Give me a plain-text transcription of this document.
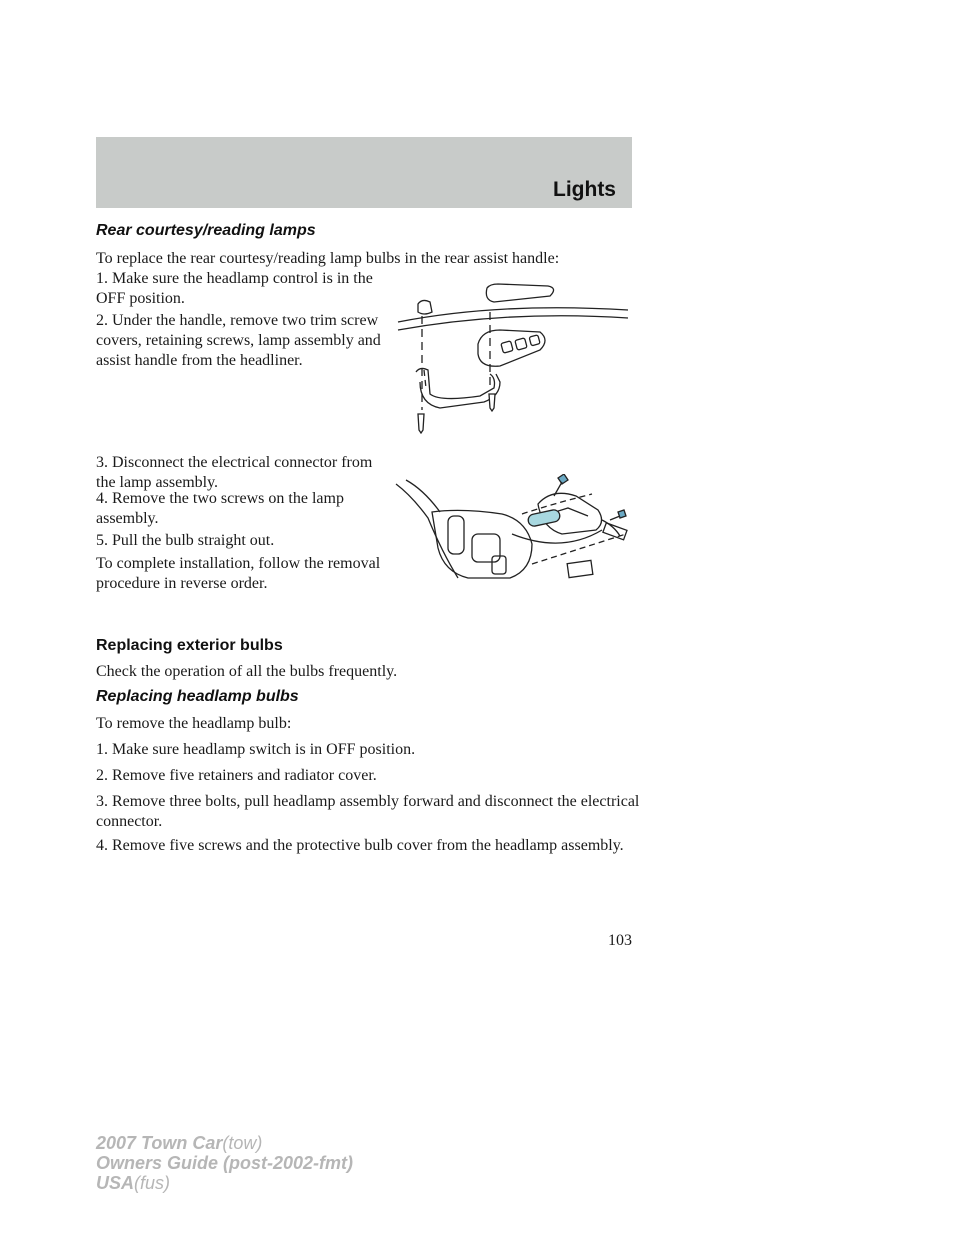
Lights
Rear courtesy/reading lamps

To replace the rear courtesy/reading lamp bulbs in the rear assist handle:

1. Make sure the headlamp control is in the OFF position.

2. Under the handle, remove two trim screw covers, retaining screws, lamp assembly and assist handle from the headliner.

3. Disconnect the electrical connector from the lamp assembly.

4. Remove the two screws on the lamp assembly.

5. Pull the bulb straight out.

To complete installation, follow the removal procedure in reverse order.

Replacing exterior bulbs

Check the operation of all the bulbs frequently.

Replacing headlamp bulbs

To remove the headlamp bulb:

1. Make sure headlamp switch is in OFF position.

2. Remove five retainers and radiator cover.

3. Remove three bolts, pull headlamp assembly forward and disconnect the electrical connector.

4. Remove five screws and the protective bulb cover from the headlamp assembly.

103
2007 Town Car(tow)
Owners Guide (post-2002-fmt)
USA(fus)
